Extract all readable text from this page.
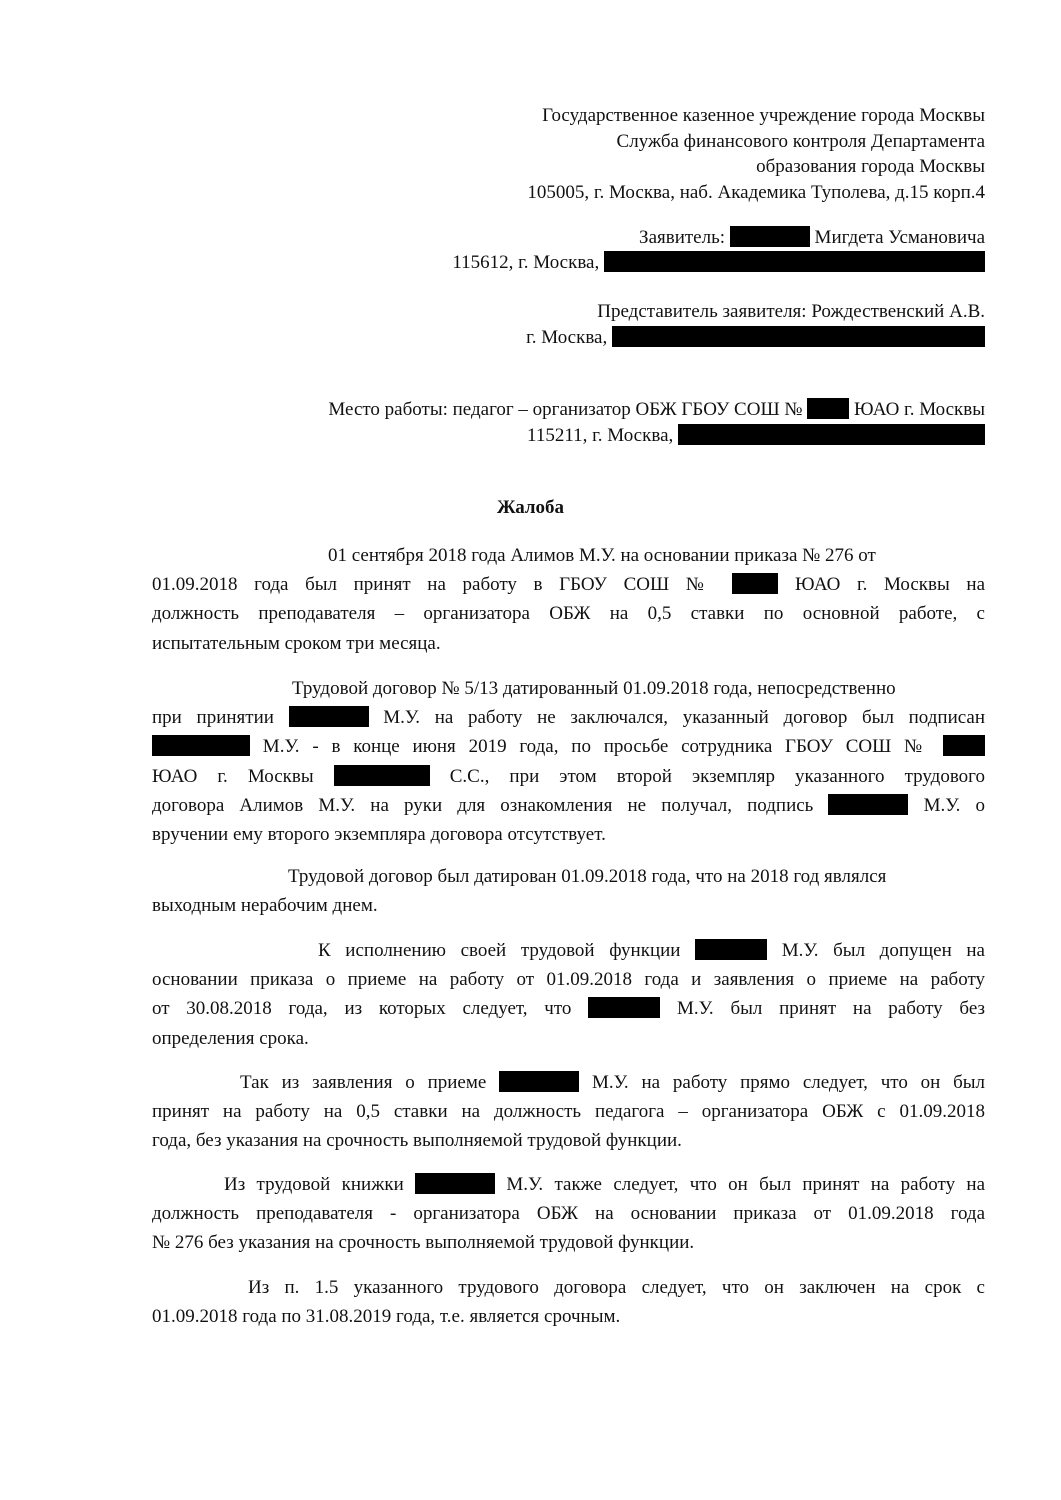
Государственное казенное учреждение города Москвы
Служба финансового контроля Департамента
образования города Москвы
105005, г. Москва, наб. Академика Туполева, д.15 корп.4
Заявитель:	Мигдета Усмановича
115612, г. Москва,
Представитель заявителя: Рождественский А.В.
г. Москва,
Место работы: педагог – организатор ОБЖ ГБОУ СОШ №	ЮАО г. Москвы
115211, г. Москва,
Жалоба
01 сентября 2018 года Алимов М.У. на основании приказа № 276 от
01.09.2018 года был принят на работу в ГБОУ СОШ №	ЮАО г. Москвы на
должность преподавателя – организатора ОБЖ на 0,5 ставки по основной работе, с
испытательным сроком три месяца.
Трудовой договор № 5/13 датированный 01.09.2018 года, непосредственно
при принятии	М.У. на работу не заключался, указанный договор был подписан
М.У. - в конце июня 2019 года, по просьбе сотрудника ГБОУ СОШ №
ЮАО г. Москвы	С.С., при этом второй экземпляр указанного трудового
договора Алимов М.У. на руки для ознакомления не получал, подпись	М.У. о
вручении ему второго экземпляра договора отсутствует.
Трудовой договор был датирован 01.09.2018 года, что на 2018 год являлся
выходным нерабочим днем.
К исполнению своей трудовой функции	М.У. был допущен на
основании приказа о приеме на работу от 01.09.2018 года и заявления о приеме на работу
от 30.08.2018 года, из которых следует, что	М.У. был принят на работу без
определения срока.
Так из заявления о приеме	М.У. на работу прямо следует, что он был
принят на работу на 0,5 ставки на должность педагога – организатора ОБЖ с 01.09.2018
года, без указания на срочность выполняемой трудовой функции.
Из трудовой книжки	М.У. также следует, что он был принят на работу на
должность преподавателя - организатора ОБЖ на основании приказа от 01.09.2018 года
№ 276 без указания на срочность выполняемой трудовой функции.
Из п. 1.5 указанного трудового договора следует, что он заключен на срок с
01.09.2018 года по 31.08.2019 года, т.е. является срочным.
